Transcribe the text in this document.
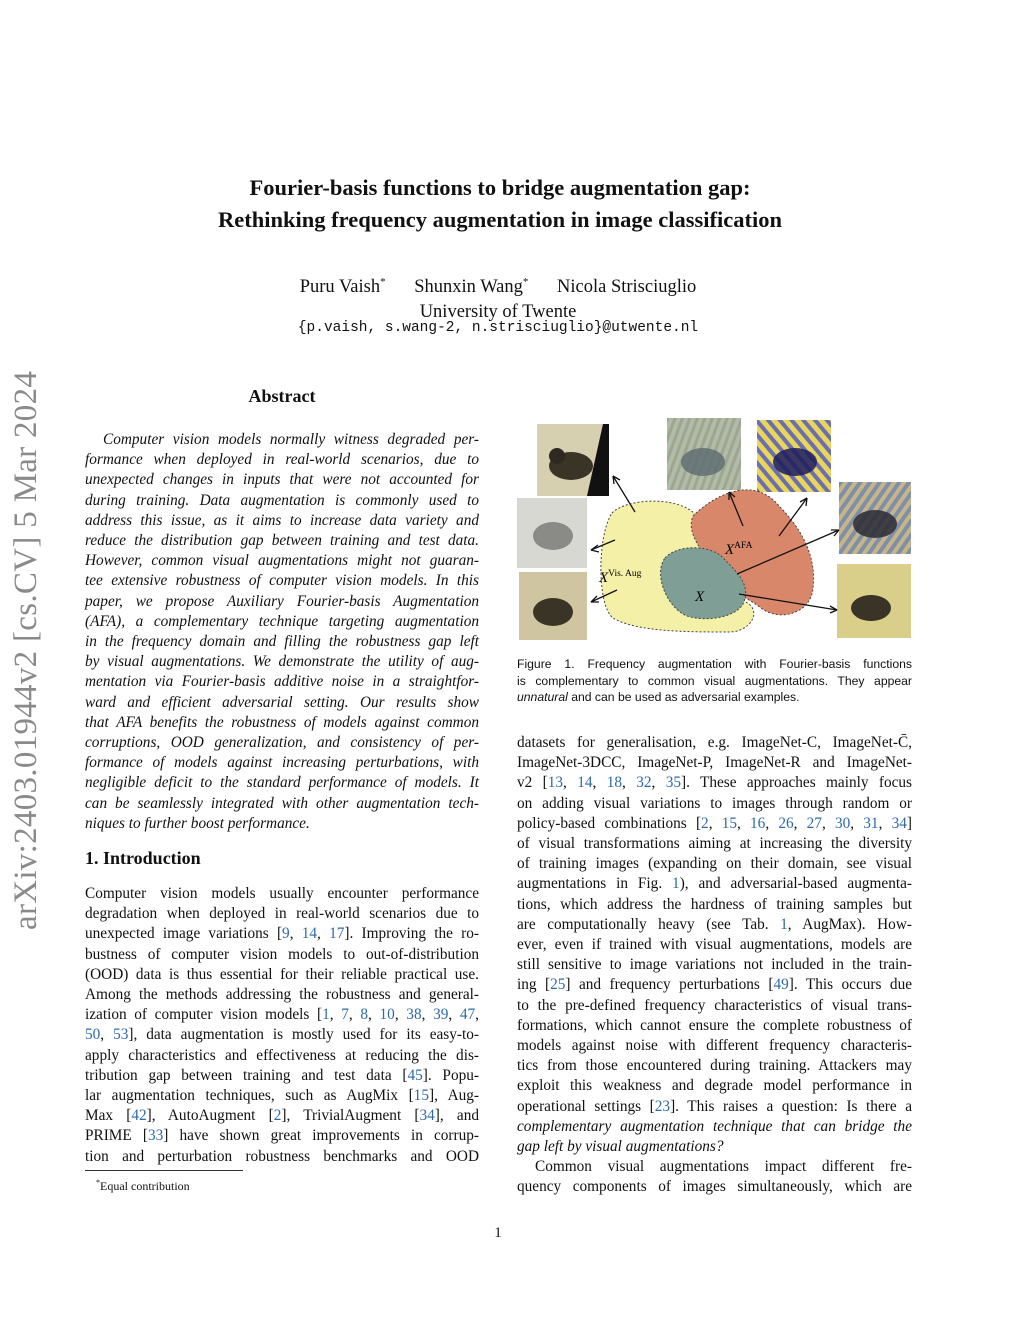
arXiv:2403.01944v2 [cs.CV] 5 Mar 2024
Fourier-basis functions to bridge augmentation gap:
Rethinking frequency augmentation in image classification
Puru Vaish* Shunxin Wang* Nicola Strisciuglio
University of Twente
{p.vaish, s.wang-2, n.strisciuglio}@utwente.nl
Abstract
Computer vision models normally witness degraded per-
formance when deployed in real-world scenarios, due to
unexpected changes in inputs that were not accounted for
during training. Data augmentation is commonly used to
address this issue, as it aims to increase data variety and
reduce the distribution gap between training and test data.
However, common visual augmentations might not guaran-
tee extensive robustness of computer vision models. In this
paper, we propose Auxiliary Fourier-basis Augmentation
(AFA), a complementary technique targeting augmentation
in the frequency domain and filling the robustness gap left
by visual augmentations. We demonstrate the utility of aug-
mentation via Fourier-basis additive noise in a straightfor-
ward and efficient adversarial setting. Our results show
that AFA benefits the robustness of models against common
corruptions, OOD generalization, and consistency of per-
formance of models against increasing perturbations, with
negligible deficit to the standard performance of models. It
can be seamlessly integrated with other augmentation tech-
niques to further boost performance.
1. Introduction
Computer vision models usually encounter performance
degradation when deployed in real-world scenarios due to
unexpected image variations [9, 14, 17]. Improving the ro-
bustness of computer vision models to out-of-distribution
(OOD) data is thus essential for their reliable practical use.
Among the methods addressing the robustness and general-
ization of computer vision models [1, 7, 8, 10, 38, 39, 47,
50, 53], data augmentation is mostly used for its easy-to-
apply characteristics and effectiveness at reducing the dis-
tribution gap between training and test data [45]. Popu-
lar augmentation techniques, such as AugMix [15], Aug-
Max [42], AutoAugment [2], TrivialAugment [34], and
PRIME [33] have shown great improvements in corrup-
tion and perturbation robustness benchmarks and OOD
*Equal contribution
$X^{Vis. Aug}$
$X^{AFA}$
X
Figure 1. Frequency augmentation with Fourier-basis functions
is complementary to common visual augmentations. They appear
unnatural and can be used as adversarial examples.
datasets for generalisation, e.g. ImageNet-C, ImageNet-C̄,
ImageNet-3DCC, ImageNet-P, ImageNet-R and ImageNet-
v2 [13, 14, 18, 32, 35]. These approaches mainly focus
on adding visual variations to images through random or
policy-based combinations [2, 15, 16, 26, 27, 30, 31, 34]
of visual transformations aiming at increasing the diversity
of training images (expanding on their domain, see visual
augmentations in Fig. 1), and adversarial-based augmenta-
tions, which address the hardness of training samples but
are computationally heavy (see Tab. 1, AugMax). How-
ever, even if trained with visual augmentations, models are
still sensitive to image variations not included in the train-
ing [25] and frequency perturbations [49]. This occurs due
to the pre-defined frequency characteristics of visual trans-
formations, which cannot ensure the complete robustness of
models against noise with different frequency characteris-
tics from those encountered during training. Attackers may
exploit this weakness and degrade model performance in
operational settings [23]. This raises a question: Is there a
complementary augmentation technique that can bridge the
gap left by visual augmentations?
Common visual augmentations impact different fre-
quency components of images simultaneously, which are
1
